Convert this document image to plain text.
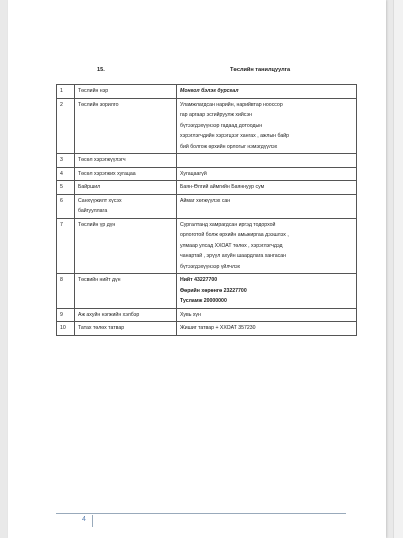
15.	Төслийн танилцуулга
1	Төслийн нэр	Монгол бэлэг дурсгал

2	Төслийн зорилго	Уламжлагдсан нарийн, нарийвтар нооссор
гар аргаар эсгийруулж хийсэн
бүтээгдэхүүнээр гадаад дотоодын
хэрэглэгчдийн хэрэгцээг хангах , ажлын байр
бий болгож өрхийн орлогыг нэмэгдүүлэх

3	Төсөл хэрэгжүүлэгч	

4	Төсөл хэрэгжих хугацаа	Хугацаагүй

5	Байршил	Баян-Өлгий аймгийн Баяннуур сум

6	Санхүүжилт хүсэх
байгууллага	Аймаг хөгжүүлэх сан

7	Төслийн үр дүн	Сургалтанд хамрагдсан иргэд тодорхой
орлоготой болж өрхийн амьжиргаа дээшлэх ,
улмаар улсад ХХОАТ төлөх , хэрэглэгчдэд
чанартай , эрүүл ахуйн шаардлага хангасан
бүтээгдэхүүнээр үйлчлэх

8	Төсвийн нийт дүн	Нийт 43227700
Өөрийн хөрөнгө 23227700
Тусламж 20000000

9	Аж ахуйн нэгжийн хэлбэр	Хувь хүн

10	Татах төлөх татвар	Жишиг татвар + ХХОАТ 357230
4
